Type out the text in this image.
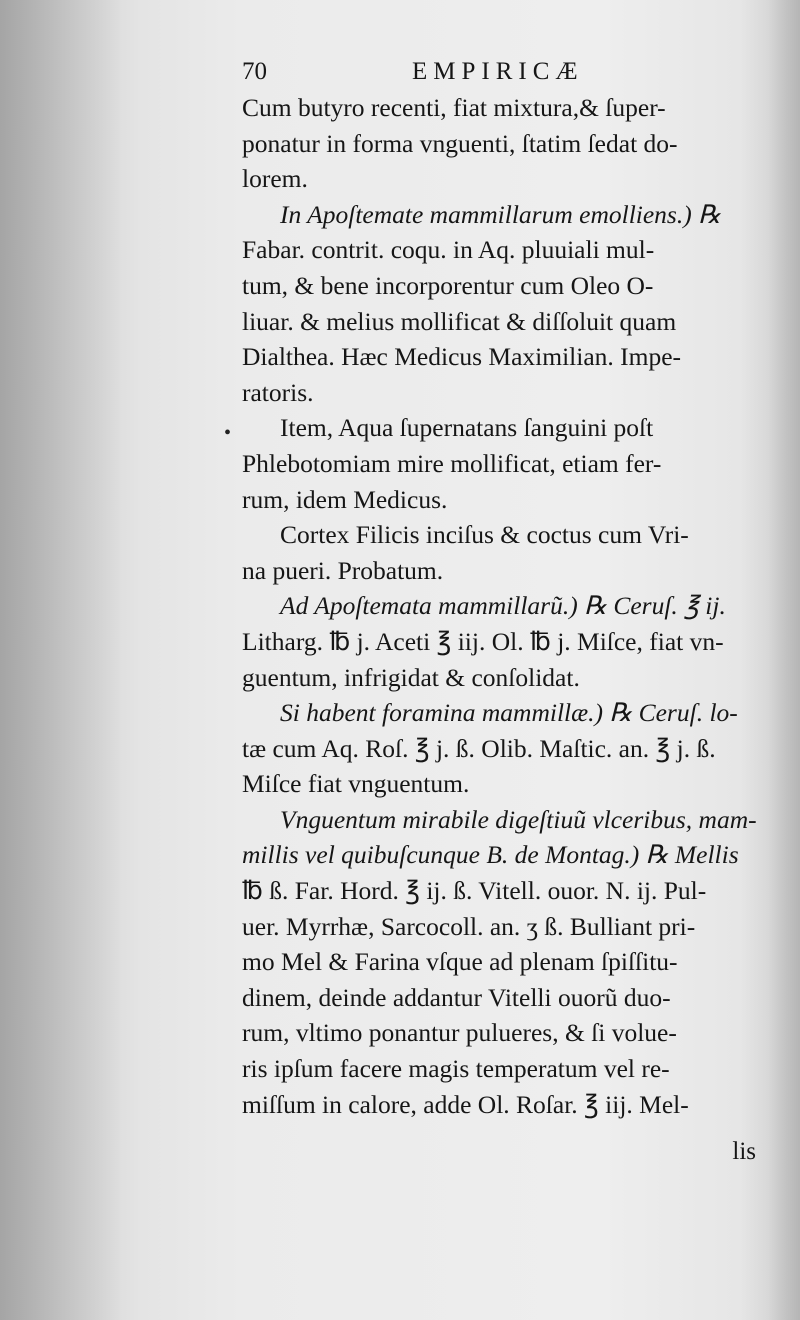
•
70	EMPIRICÆ
Cum butyro recenti, fiat mixtura,& ſuper-
ponatur in forma vnguenti, ſtatim ſedat do-
lorem.
In Apoſtemate mammillarum emolliens.) ℞
Fabar. contrit. coqu. in Aq. pluuiali mul-
tum, & bene incorporentur cum Oleo O-
liuar. & melius mollificat & diſſoluit quam
Dialthea. Hæc Medicus Maximilian. Impe-
ratoris.
Item, Aqua ſupernatans ſanguini poſt
Phlebotomiam mire mollificat, etiam fer-
rum, idem Medicus.
Cortex Filicis inciſus & coctus cum Vri-
na pueri. Probatum.
Ad Apoſtemata mammillarũ.) ℞ Ceruſ. ℥ ij.
Litharg. ℔ j. Aceti ℥ iij. Ol. ℔ j. Miſce, fiat vn-
guentum, infrigidat & conſolidat.
Si habent foramina mammillæ.) ℞ Ceruſ. lo-
tæ cum Aq. Roſ. ℥ j. ß. Olib. Maſtic. an. ℥ j. ß.
Miſce fiat vnguentum.
Vnguentum mirabile digeſtiuũ vlceribus, mam-
millis vel quibuſcunque B. de Montag.) ℞ Mellis
℔ ß. Far. Hord. ℥ ij. ß. Vitell. ouor. N. ij. Pul-
uer. Myrrhæ, Sarcocoll. an. ʒ ß. Bulliant pri-
mo Mel & Farina vſque ad plenam ſpiſſitu-
dinem, deinde addantur Vitelli ouorũ duo-
rum, vltimo ponantur pulueres, & ſi volue-
ris ipſum facere magis temperatum vel re-
miſſum in calore, adde Ol. Roſar. ℥ iij. Mel-
lis
